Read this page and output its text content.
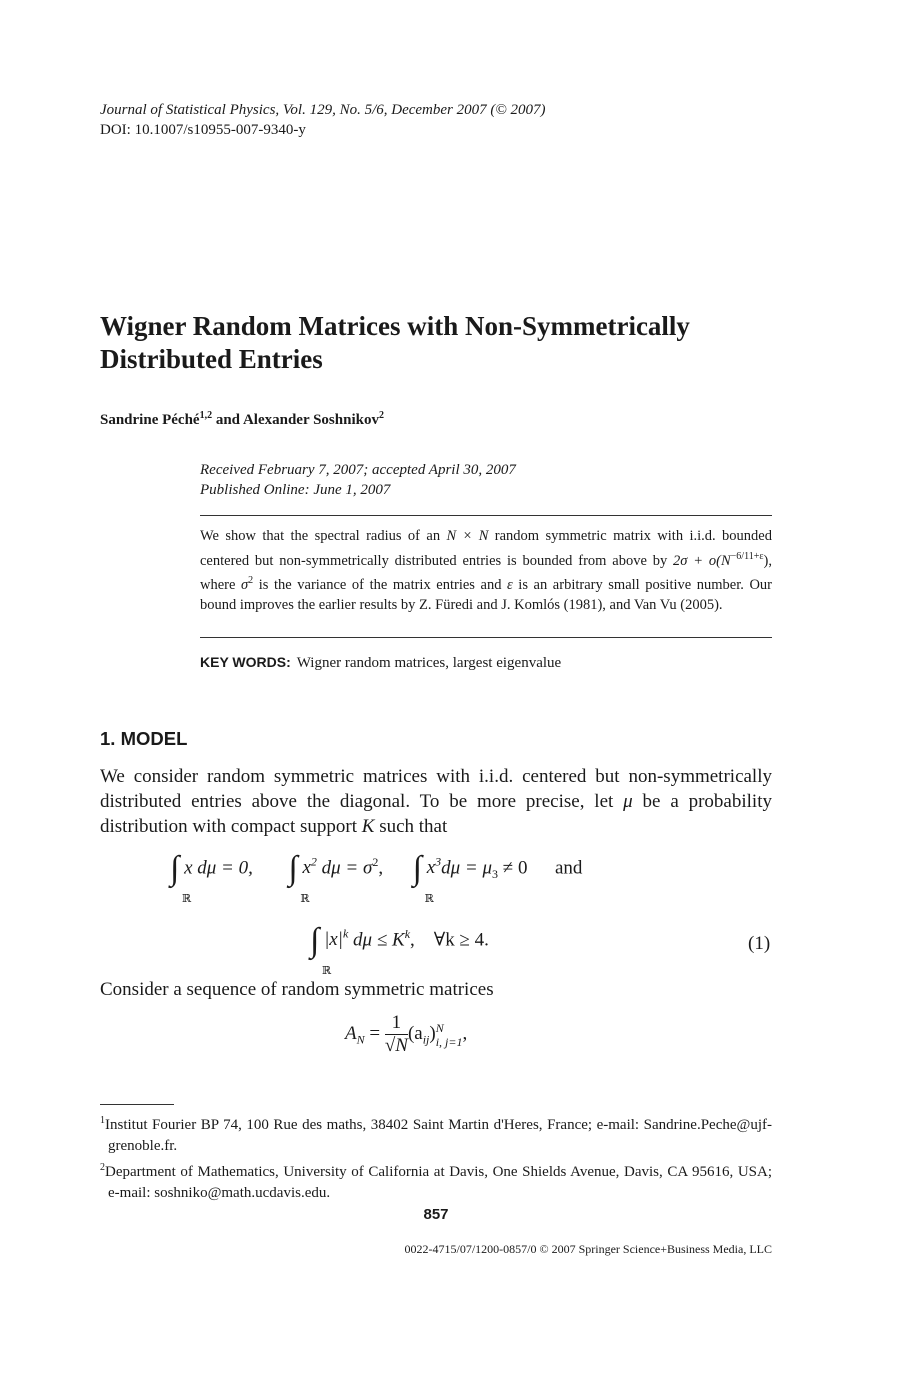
Journal of Statistical Physics, Vol. 129, No. 5/6, December 2007 (© 2007)
DOI: 10.1007/s10955-007-9340-y
Wigner Random Matrices with Non-Symmetrically
Distributed Entries
Sandrine Péché$^{1,2}$ and Alexander Soshnikov$^2$
Received February 7, 2007; accepted April 30, 2007
Published Online: June 1, 2007
We show that the spectral radius of an N × N random symmetric matrix with i.i.d. bounded centered but non-symmetrically distributed entries is bounded from above by $2\sigma + o(N^{-6/11+\varepsilon})$, where $\sigma^2$ is the variance of the matrix entries and ε is an arbitrary small positive number. Our bound improves the earlier results by Z. Füredi and J. Komlós (1981), and Van Vu (2005).
KEY WORDS: Wigner random matrices, largest eigenvalue
1. MODEL
We consider random symmetric matrices with i.i.d. centered but non-symmetrically distributed entries above the diagonal. To be more precise, let μ be a probability distribution with compact support K such that
∫
ℝ
x dμ = 0, ∫
ℝ
$x^2$ $d\mu = \sigma^2$,  ∫
ℝ
$x^3d\mu = \mu_3 \ne 0$ and
∫
ℝ
$|x|^k$ $d\mu \le K^k$,    ∀k ≥ 4.	(1)
Consider a sequence of random symmetric matrices
$A_N = \frac{1}{√N} (a_{ij})$ N
i, j=1 ,
$^1$Institut Fourier BP 74, 100 Rue des maths, 38402 Saint Martin d'Heres, France; e-mail: Sandrine.Peche@ujf-grenoble.fr.
$^2$Department of Mathematics, University of California at Davis, One Shields Avenue, Davis, CA 95616, USA; e-mail: soshniko@math.ucdavis.edu.
857
0022-4715/07/1200-0857/0 © 2007 Springer Science+Business Media, LLC
